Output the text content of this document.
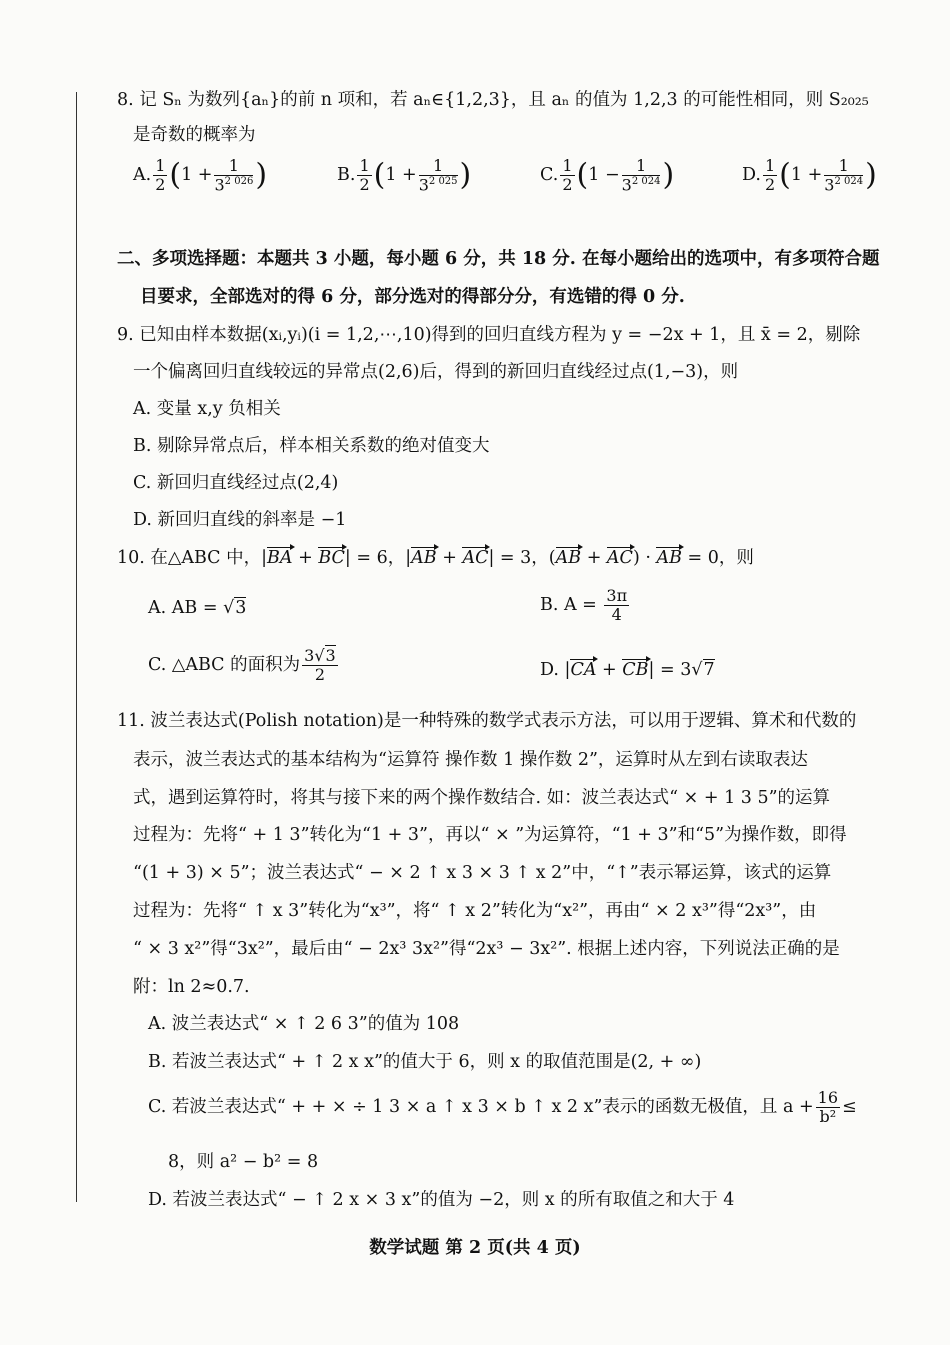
8. 记 Sₙ 为数列{aₙ}的前 n 项和，若 aₙ∈{1,2,3}，且 aₙ 的值为 1,2,3 的可能性相同，则 S₂₀₂₅
是奇数的概率为
A. $\frac{1}{2} (1 + \frac{1}{3^{2 026}}$ )	B. $\frac{1}{2} (1 + \frac{1}{3^{2 025}}$ )	C. $\frac{1}{2} (1 - \frac{1}{3^{2 024}}$ )	D. $\frac{1}{2} (1 + \frac{1}{3^{2 024}}$ )
二、多项选择题：本题共 3 小题，每小题 6 分，共 18 分. 在每小题给出的选项中，有多项符合题
目要求，全部选对的得 6 分，部分选对的得部分分，有选错的得 0 分.
9. 已知由样本数据(xᵢ,yᵢ)(i = 1,2,⋯,10)得到的回归直线方程为 y = −2x + 1，且 x̄ = 2，剔除
一个偏离回归直线较远的异常点(2,6)后，得到的新回归直线经过点(1,−3)，则
A. 变量 x,y 负相关
B. 剔除异常点后，样本相关系数的绝对值变大
C. 新回归直线经过点(2,4)
D. 新回归直线的斜率是 −1
10. 在△ABC 中，|BA + BC| = 6，|AB + AC| = 3，(AB + AC) · AB = 0，则
A. AB = √3	B. $A = \frac{3\pi}{4}$
C. △ABC 的面积为 $\frac{3√3}{2}$	D. |CA + CB| = 3√7
11. 波兰表达式(Polish notation)是一种特殊的数学式表示方法，可以用于逻辑、算术和代数的
表示，波兰表达式的基本结构为“运算符 操作数 1 操作数 2”，运算时从左到右读取表达
式，遇到运算符时，将其与接下来的两个操作数结合. 如：波兰表达式“ × + 1 3 5”的运算
过程为：先将“ + 1 3”转化为“1 + 3”，再以“ × ”为运算符，“1 + 3”和“5”为操作数，即得
“(1 + 3) × 5”；波兰表达式“ − × 2 ↑ x 3 × 3 ↑ x 2”中，“↑”表示幂运算，该式的运算
过程为：先将“ ↑ x 3”转化为“x³”，将“ ↑ x 2”转化为“x²”，再由“ × 2 x³”得“2x³”，由
“ × 3 x²”得“3x²”，最后由“ − 2x³ 3x²”得“2x³ − 3x²”. 根据上述内容，下列说法正确的是
附：ln 2≈0.7.
A. 波兰表达式“ × ↑ 2 6 3”的值为 108
B. 若波兰表达式“ + ↑ 2 x x”的值大于 6，则 x 的取值范围是(2, + ∞)
C. 若波兰表达式“ + + × ÷ 1 3 × a ↑ x 3 × b ↑ x 2 x”表示的函数无极值，且 $a + \frac{16}{\text{b²}}$ ≤
8，则 a² − b² = 8
D. 若波兰表达式“ − ↑ 2 x × 3 x”的值为 −2，则 x 的所有取值之和大于 4
数学试题 第 2 页(共 4 页)
